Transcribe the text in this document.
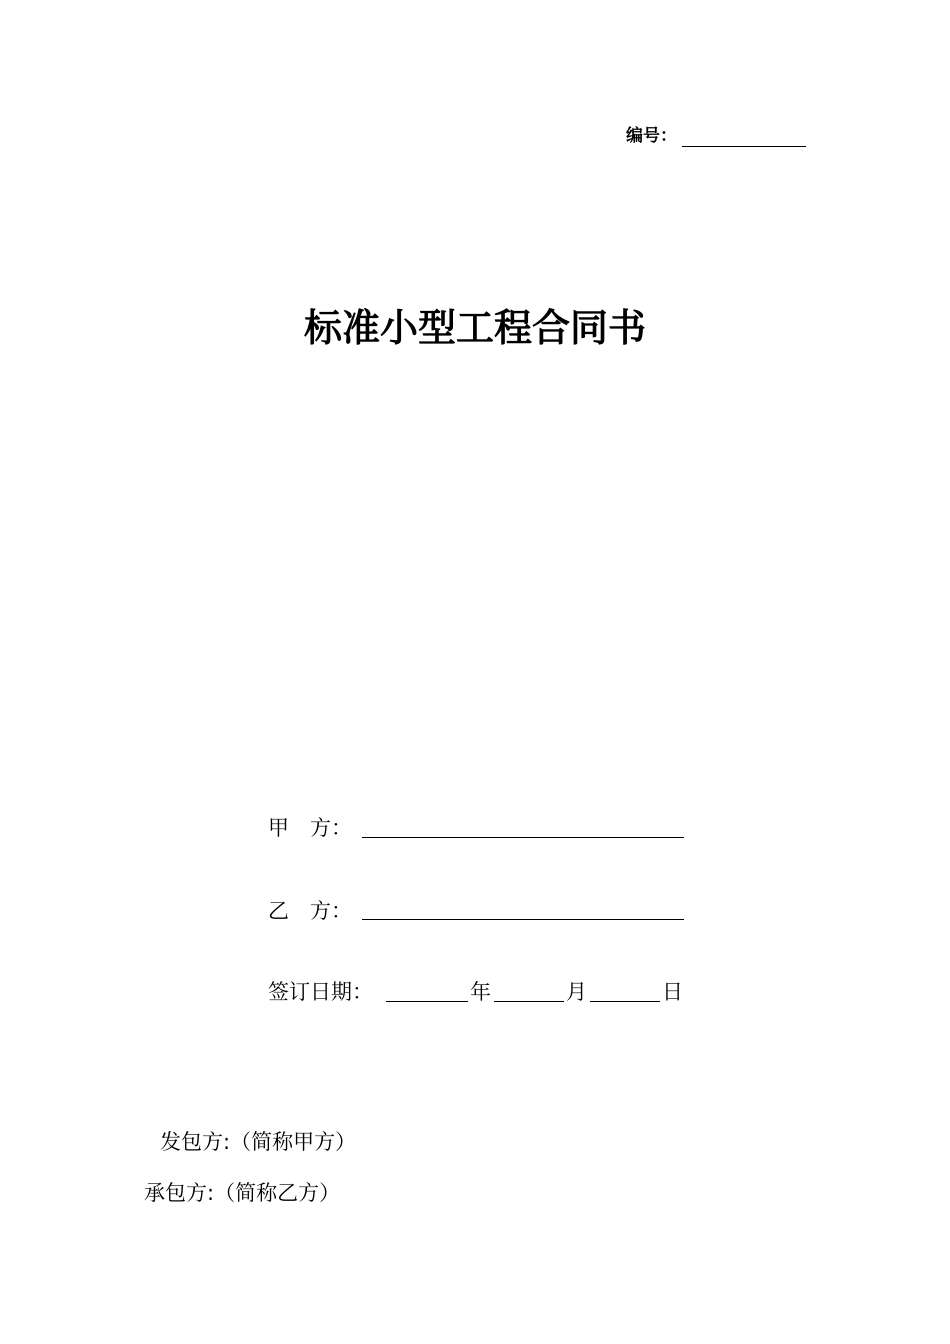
编号：
标准小型工程合同书
甲　方：
乙　方：
签订日期：	年	月	日
发包方:（简称甲方）
承包方:（简称乙方）
